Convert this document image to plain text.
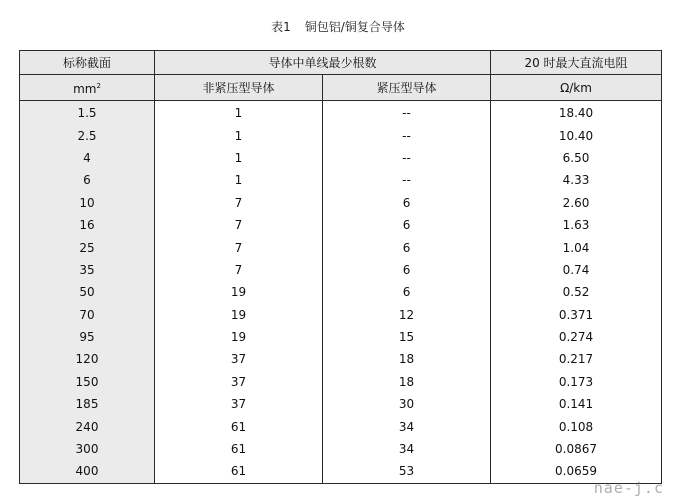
表1 铜包铝/铜复合导体
标称截面	导体中单线最少根数		20 时最大直流电阻
$mm^2$	非紧压型导体	紧压型导体	Ω/km
1.5	1	--	18.40
2.5	1	--	10.40
4	1	--	6.50
6	1	--	4.33
10	7	6	2.60
16	7	6	1.63
25	7	6	1.04
35	7	6	0.74
50	19	6	0.52
70	19	12	0.371
95	19	15	0.274
120	37	18	0.217
150	37	18	0.173
185	37	30	0.141
240	61	34	0.108
300	61	34	0.0867
400	61	53	0.0659
nae-j.c
